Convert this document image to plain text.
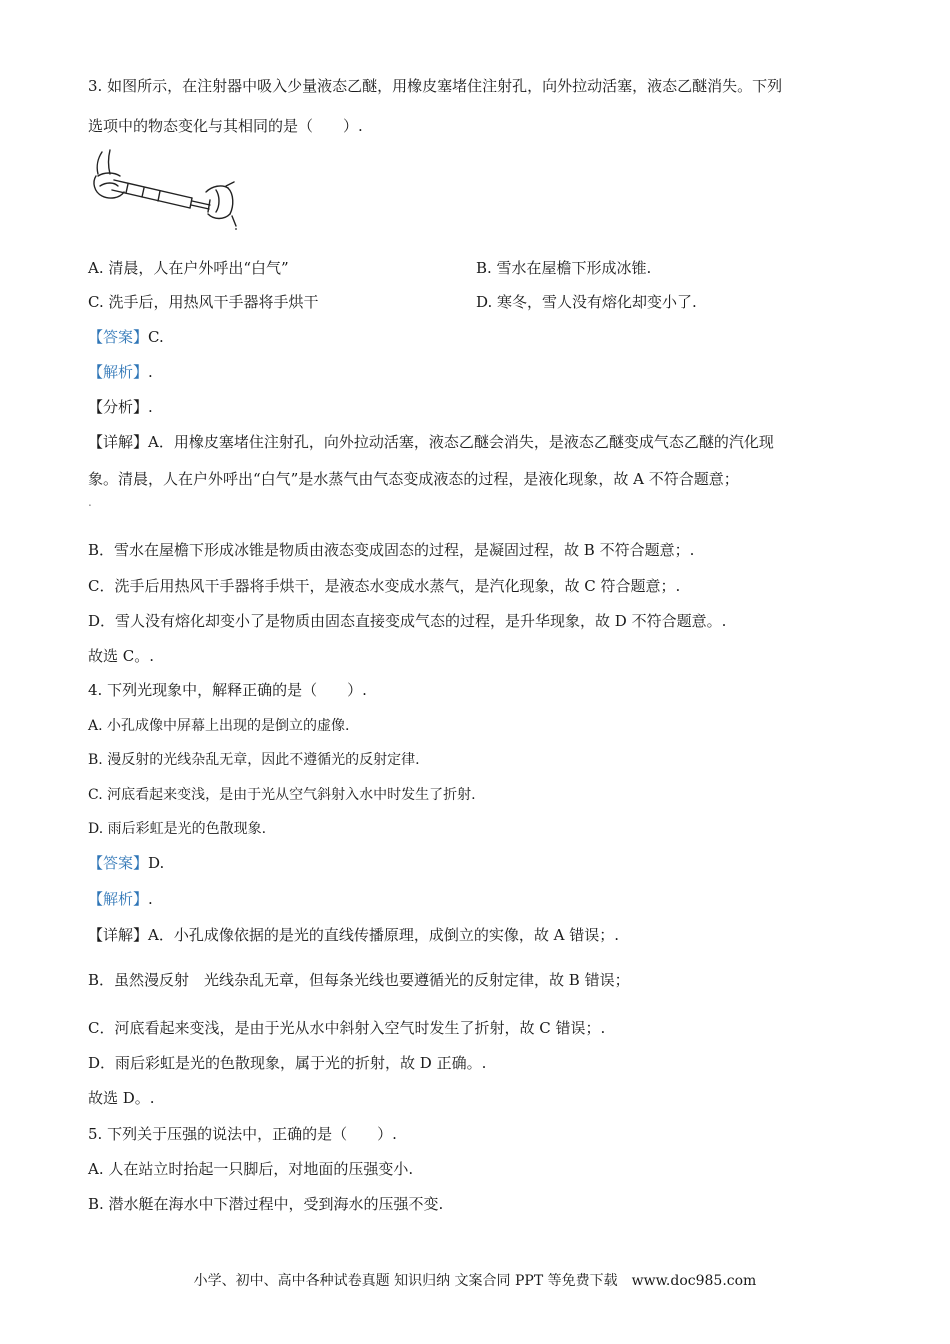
3. 如图所示，在注射器中吸入少量液态乙醚，用橡皮塞堵住注射孔，向外拉动活塞，液态乙醚消失。下列
选项中的物态变化与其相同的是（　　）.
A. 清晨，人在户外呼出“白气”	B. 雪水在屋檐下形成冰锥.
C. 洗手后，用热风干手器将手烘干	D. 寒冬，雪人没有熔化却变小了.
【答案】C.
【解析】.
【分析】.
【详解】A．用橡皮塞堵住注射孔，向外拉动活塞，液态乙醚会消失，是液态乙醚变成气态乙醚的汽化现
象。清晨，人在户外呼出“白气”是水蒸气由气态变成液态的过程，是液化现象，故 A 不符合题意；
.
B．雪水在屋檐下形成冰锥是物质由液态变成固态的过程，是凝固过程，故 B 不符合题意；.
C．洗手后用热风干手器将手烘干，是液态水变成水蒸气，是汽化现象，故 C 符合题意；.
D．雪人没有熔化却变小了是物质由固态直接变成气态的过程，是升华现象，故 D 不符合题意。.
故选 C。.
4. 下列光现象中，解释正确的是（　　）.
A. 小孔成像中屏幕上出现的是倒立的虚像.
B. 漫反射的光线杂乱无章，因此不遵循光的反射定律.
C. 河底看起来变浅，是由于光从空气斜射入水中时发生了折射.
D. 雨后彩虹是光的色散现象.
【答案】D.
【解析】.
【详解】A．小孔成像依据的是光的直线传播原理，成倒立的实像，故 A 错误；.
B．虽然漫反射　光线杂乱无章，但每条光线也要遵循光的反射定律，故 B 错误；
C．河底看起来变浅，是由于光从水中斜射入空气时发生了折射，故 C 错误；.
D．雨后彩虹是光的色散现象，属于光的折射，故 D 正确。.
故选 D。.
5. 下列关于压强的说法中，正确的是（　　）.
A. 人在站立时抬起一只脚后，对地面的压强变小.
B. 潜水艇在海水中下潜过程中，受到海水的压强不变.
小学、初中、高中各种试卷真题 知识归纳 文案合同 PPT 等免费下载　www.doc985.com
